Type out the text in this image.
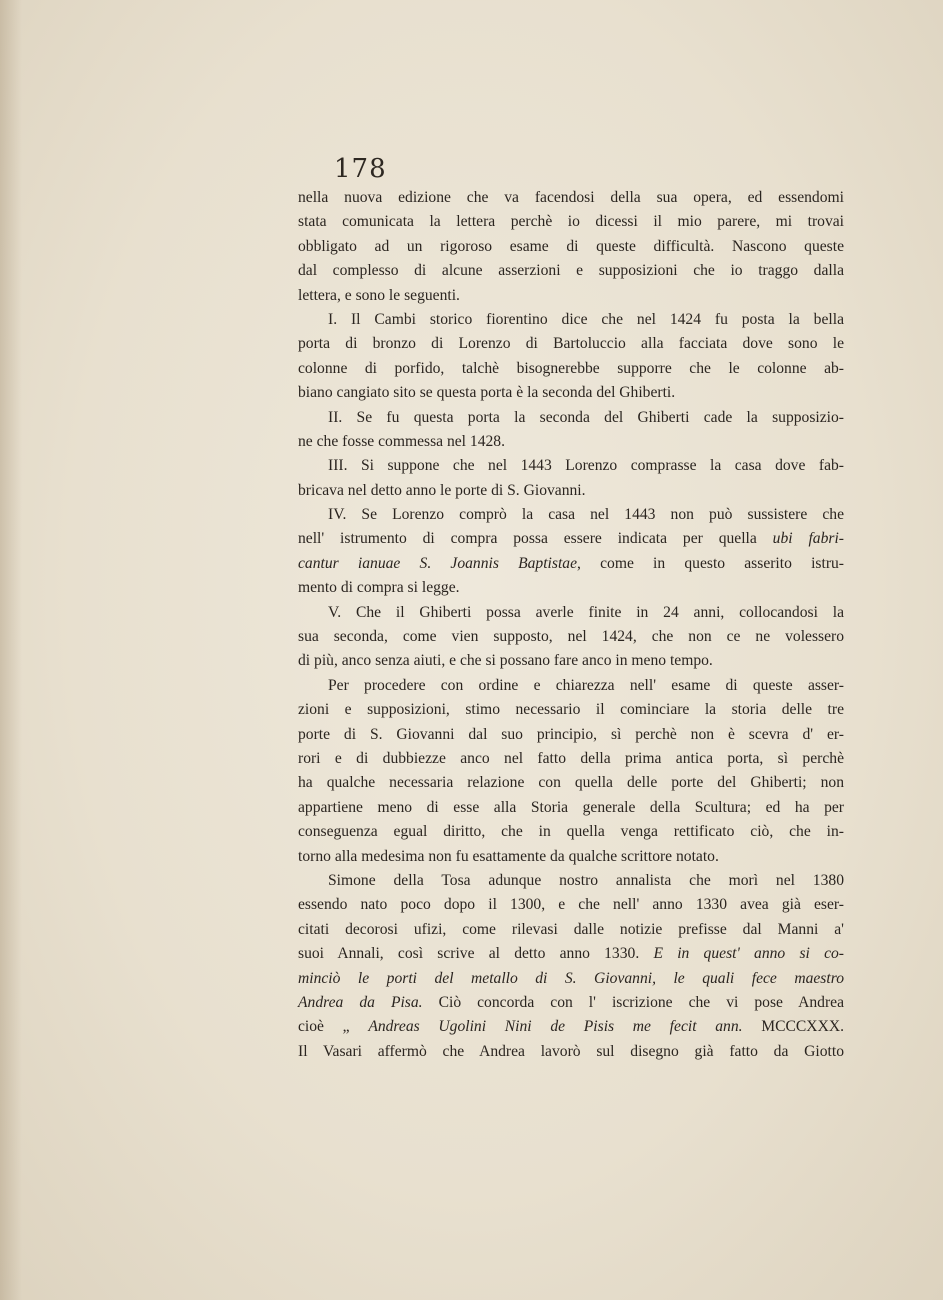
178
nella nuova edizione che va facendosi della sua opera, ed essendomi
stata comunicata la lettera perchè io dicessi il mio parere, mi trovai
obbligato ad un rigoroso esame di queste difficultà. Nascono queste
dal complesso di alcune asserzioni e supposizioni che io traggo dalla
lettera, e sono le seguenti.
I. Il Cambi storico fiorentino dice che nel 1424 fu posta la bella
porta di bronzo di Lorenzo di Bartoluccio alla facciata dove sono le
colonne di porfido, talchè bisognerebbe supporre che le colonne ab-
biano cangiato sito se questa porta è la seconda del Ghiberti.
II. Se fu questa porta la seconda del Ghiberti cade la supposizio-
ne che fosse commessa nel 1428.
III. Si suppone che nel 1443 Lorenzo comprasse la casa dove fab-
bricava nel detto anno le porte di S. Giovanni.
IV. Se Lorenzo comprò la casa nel 1443 non può sussistere che
nell' istrumento di compra possa essere indicata per quella ubi fabri-
cantur ianuae S. Joannis Baptistae, come in questo asserito istru-
mento di compra si legge.
V. Che il Ghiberti possa averle finite in 24 anni, collocandosi la
sua seconda, come vien supposto, nel 1424, che non ce ne volessero
di più, anco senza aiuti, e che si possano fare anco in meno tempo.
Per procedere con ordine e chiarezza nell' esame di queste asser-
zioni e supposizioni, stimo necessario il cominciare la storia delle tre
porte di S. Giovanni dal suo principio, sì perchè non è scevra d' er-
rori e di dubbiezze anco nel fatto della prima antica porta, sì perchè
ha qualche necessaria relazione con quella delle porte del Ghiberti; non
appartiene meno di esse alla Storia generale della Scultura; ed ha per
conseguenza egual diritto, che in quella venga rettificato ciò, che in-
torno alla medesima non fu esattamente da qualche scrittore notato.
Simone della Tosa adunque nostro annalista che morì nel 1380
essendo nato poco dopo il 1300, e che nell' anno 1330 avea già eser-
citati decorosi ufizi, come rilevasi dalle notizie prefisse dal Manni a'
suoi Annali, così scrive al detto anno 1330. E in quest' anno si co-
minciò le porti del metallo di S. Giovanni, le quali fece maestro
Andrea da Pisa. Ciò concorda con l' iscrizione che vi pose Andrea
cioè „ Andreas Ugolini Nini de Pisis me fecit ann. MCCCXXX.
Il Vasari affermò che Andrea lavorò sul disegno già fatto da Giotto
